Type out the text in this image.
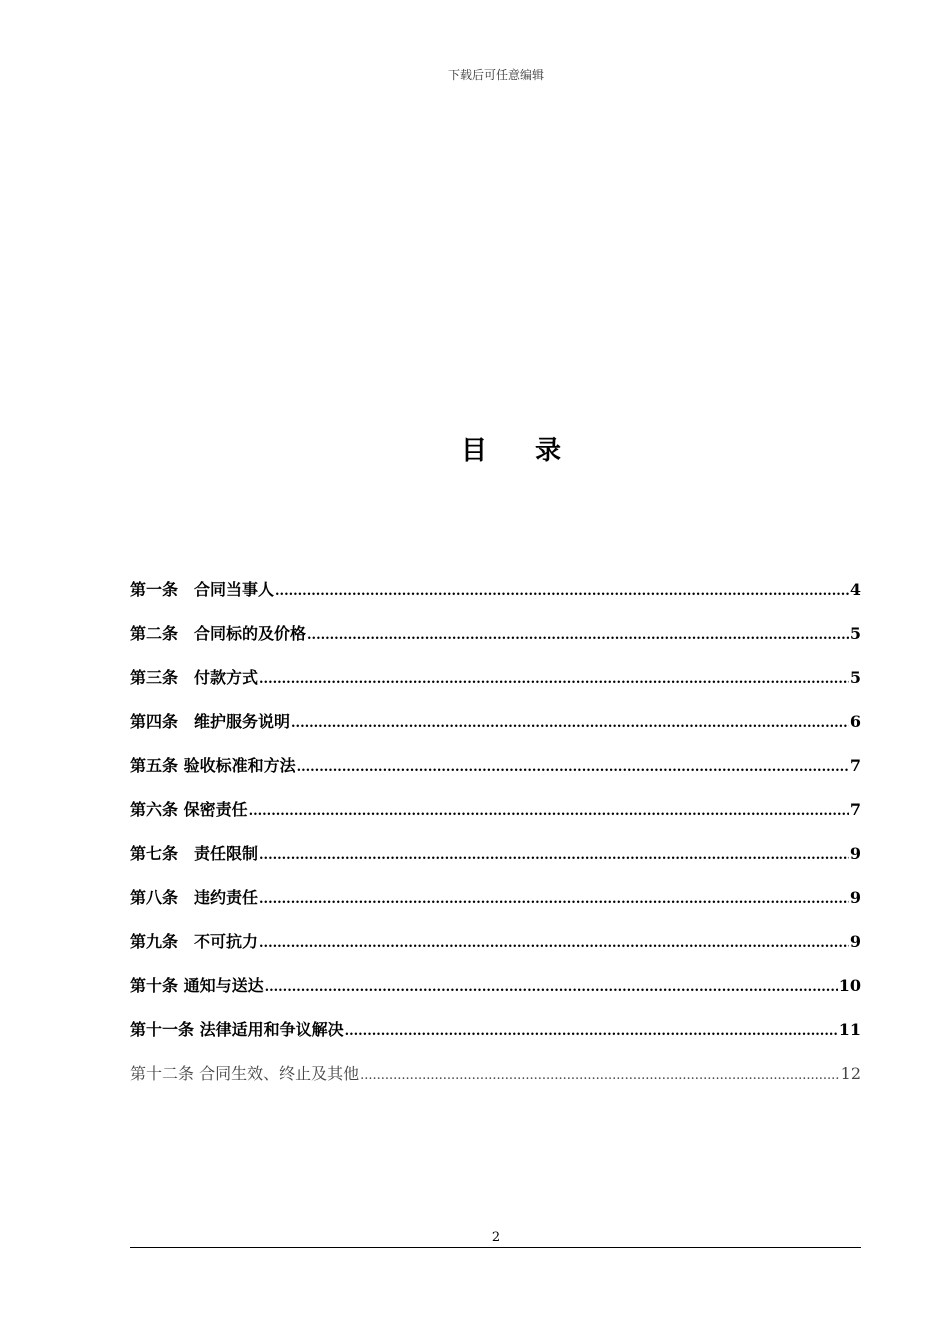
下载后可任意编辑
目 录
第一条　合同当事人 .....	4
第二条　合同标的及价格 .....	5
第三条　付款方式 .....	5
第四条　维护服务说明 .....	6
第五条 验收标准和方法 .....	7
第六条 保密责任 .....	7
第七条　责任限制 .....	9
第八条　违约责任 .....	9
第九条　不可抗力 .....	9
第十条 通知与送达 .....	10
第十一条 法律适用和争议解决 .....	11
第十二条 合同生效、终止及其他 .....	12
2
